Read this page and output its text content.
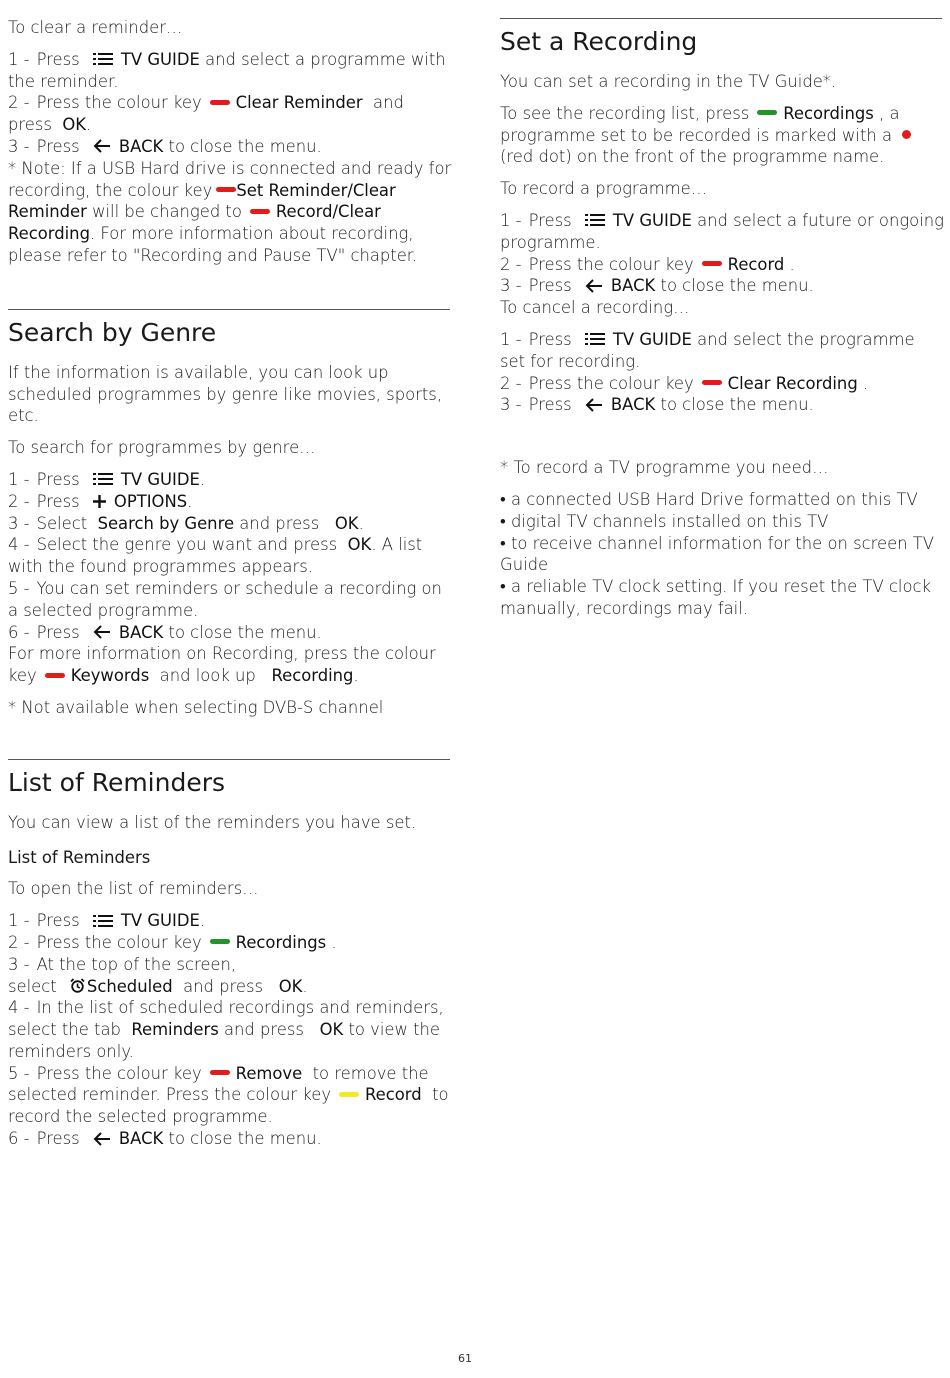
To clear a reminder…

1 - Press	TV GUIDE and select a programme with the reminder.

2 - Press the colour key Clear Reminder and press OK.

3 - Press BACK to close the menu.

* Note: If a USB Hard drive is connected and ready for recording, the colour key Set Reminder/Clear Reminder will be changed to Record/Clear Recording. For more information about recording, please refer to "Recording and Pause TV" chapter.

Search by Genre

If the information is available, you can look up scheduled programmes by genre like movies, sports, etc.

To search for programmes by genre…

1 - Press	TV GUIDE.

2 - Press OPTIONS.

3 - Select Search by Genre and press OK.

4 - Select the genre you want and press OK. A list with the found programmes appears.

5 - You can set reminders or schedule a recording on a selected programme.

6 - Press BACK to close the menu.

For more information on Recording, press the colour key Keywords and look up Recording.

* Not available when selecting DVB-S channel

List of Reminders

You can view a list of the reminders you have set.

List of Reminders

To open the list of reminders…

1 - Press	TV GUIDE.

2 - Press the colour key Recordings .

3 - At the top of the screen,
select Scheduled and press OK.

4 - In the list of scheduled recordings and reminders, select the tab Reminders and press OK to view the reminders only.

5 - Press the colour key Remove to remove the selected reminder. Press the colour key Record to record the selected programme.

6 - Press BACK to close the menu.

Set a Recording

You can set a recording in the TV Guide*.

To see the recording list, press Recordings , a programme set to be recorded is marked with a(red dot) on the front of the programme name.

To record a programme…

1 - Press	TV GUIDE and select a future or ongoing programme.

2 - Press the colour key Record .

3 - Press BACK to close the menu.

To cancel a recording…

1 - Press	TV GUIDE and select the programme set for recording.

2 - Press the colour key Clear Recording .

3 - Press BACK to close the menu.

* To record a TV programme you need…

• a connected USB Hard Drive formatted on this TV

• digital TV channels installed on this TV

• to receive channel information for the on screen TV Guide

• a reliable TV clock setting. If you reset the TV clock manually, recordings may fail.

61
